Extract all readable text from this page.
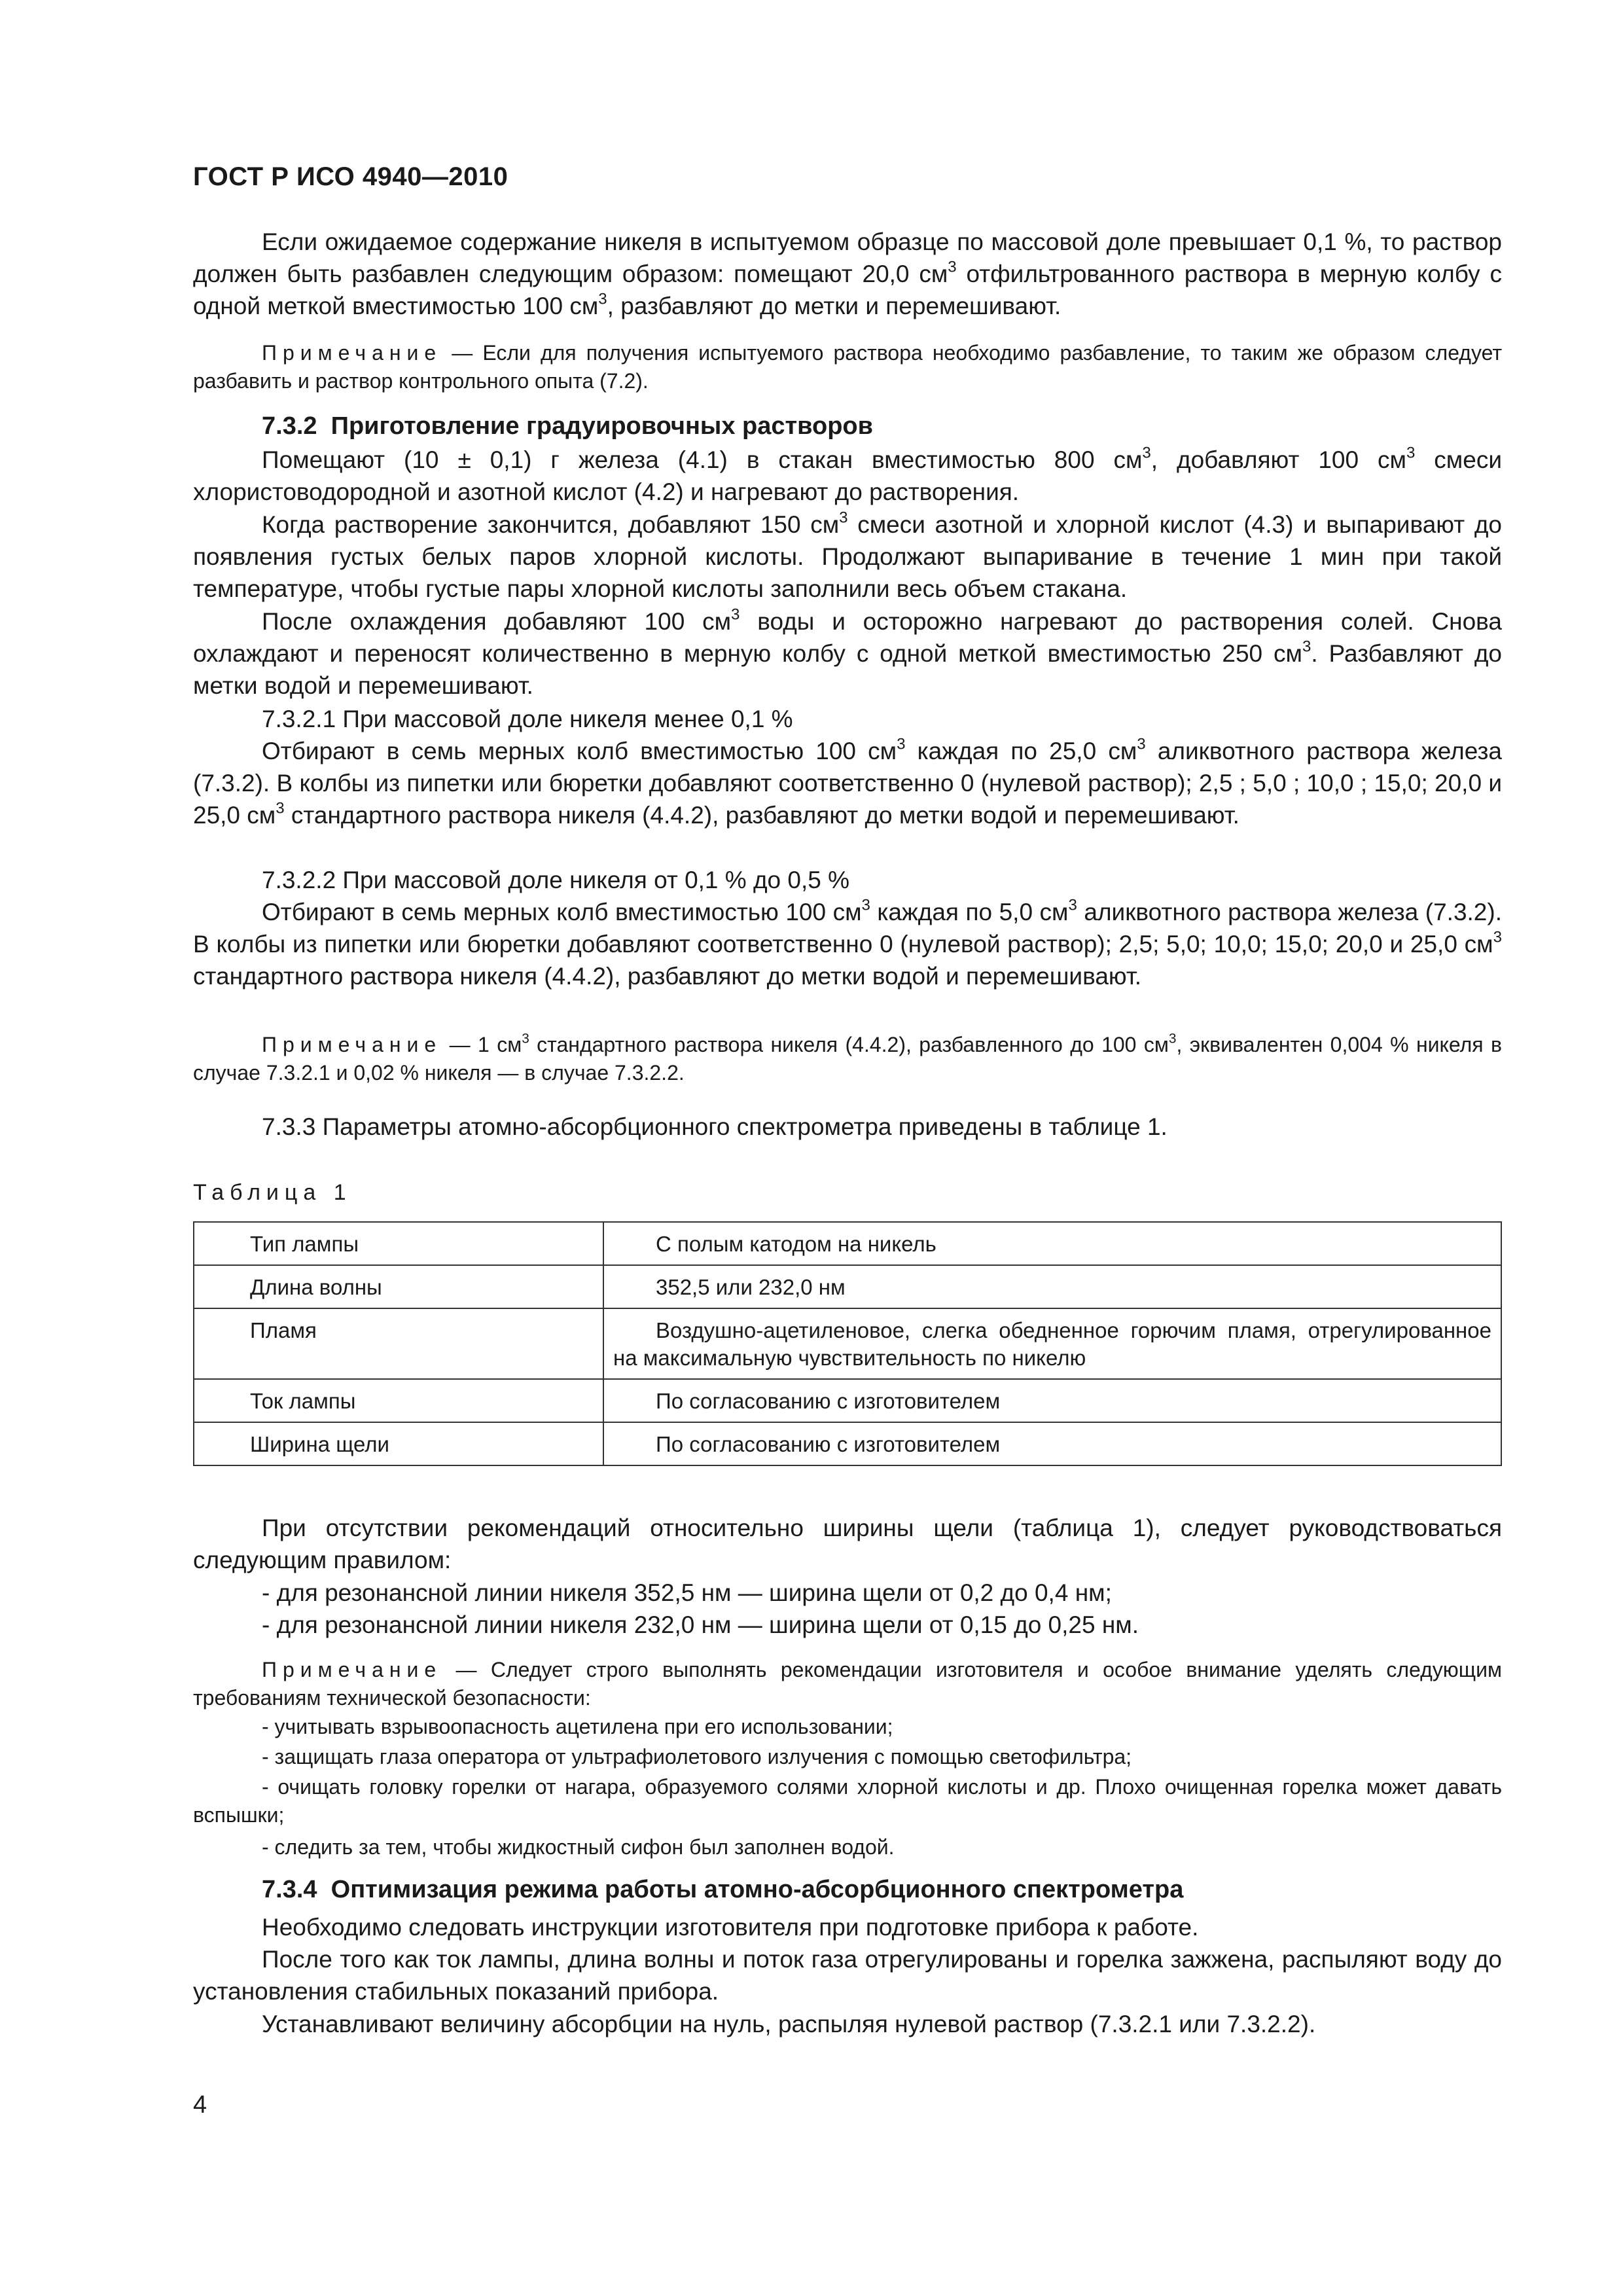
ГОСТ Р ИСО 4940—2010
Если ожидаемое содержание никеля в испытуемом образце по массовой доле превышает 0,1 %, то раствор должен быть разбавлен следующим образом: помещают 20,0 $см^3$ отфильтрованного раствора в мерную колбу с одной меткой вместимостью 100 $см^3$, разбавляют до метки и перемешивают.
Примечание — Если для получения испытуемого раствора необходимо разбавление, то таким же образом следует разбавить и раствор контрольного опыта (7.2).
7.3.2 Приготовление градуировочных растворов
Помещают (10 ± 0,1) г железа (4.1) в стакан вместимостью 800 $см^3$, добавляют 100 $см^3$ смеси хлористоводородной и азотной кислот (4.2) и нагревают до растворения.
Когда растворение закончится, добавляют 150 $см^3$ смеси азотной и хлорной кислот (4.3) и выпаривают до появления густых белых паров хлорной кислоты. Продолжают выпаривание в течение 1 мин при такой температуре, чтобы густые пары хлорной кислоты заполнили весь объем стакана.
После охлаждения добавляют 100 $см^3$ воды и осторожно нагревают до растворения солей. Снова охлаждают и переносят количественно в мерную колбу с одной меткой вместимостью 250 $см^3$. Разбавляют до метки водой и перемешивают.
7.3.2.1 При массовой доле никеля менее 0,1 %
Отбирают в семь мерных колб вместимостью 100 $см^3$ каждая по 25,0 $см^3$ аликвотного раствора железа (7.3.2). В колбы из пипетки или бюретки добавляют соответственно 0 (нулевой раствор); 2,5 ; 5,0 ; 10,0 ; 15,0; 20,0 и 25,0 $см^3$ стандартного раствора никеля (4.4.2), разбавляют до метки водой и перемешивают.
7.3.2.2 При массовой доле никеля от 0,1 % до 0,5 %
Отбирают в семь мерных колб вместимостью 100 $см^3$ каждая по 5,0 $см^3$ аликвотного раствора железа (7.3.2). В колбы из пипетки или бюретки добавляют соответственно 0 (нулевой раствор); 2,5; 5,0; 10,0; 15,0; 20,0 и 25,0 $см^3$ стандартного раствора никеля (4.4.2), разбавляют до метки водой и перемешивают.
Примечание — 1 $см^3$ стандартного раствора никеля (4.4.2), разбавленного до 100 $см^3$, эквивалентен 0,004 % никеля в случае 7.3.2.1 и 0,02 % никеля — в случае 7.3.2.2.
7.3.3 Параметры атомно-абсорбционного спектрометра приведены в таблице 1.
Таблица 1
Тип лампы	С полым катодом на никель
Длина волны	352,5 или 232,0 нм
Пламя	Воздушно-ацетиленовое, слегка обедненное горючим пламя, отрегулированное на максимальную чувствительность по никелю
Ток лампы	По согласованию с изготовителем
Ширина щели	По согласованию с изготовителем
При отсутствии рекомендаций относительно ширины щели (таблица 1), следует руководствоваться следующим правилом:
- для резонансной линии никеля 352,5 нм — ширина щели от 0,2 до 0,4 нм;
- для резонансной линии никеля 232,0 нм — ширина щели от 0,15 до 0,25 нм.
Примечание — Следует строго выполнять рекомендации изготовителя и особое внимание уделять следующим требованиям технической безопасности:
- учитывать взрывоопасность ацетилена при его использовании;
- защищать глаза оператора от ультрафиолетового излучения с помощью светофильтра;
- очищать головку горелки от нагара, образуемого солями хлорной кислоты и др. Плохо очищенная горелка может давать вспышки;
- следить за тем, чтобы жидкостный сифон был заполнен водой.
7.3.4 Оптимизация режима работы атомно-абсорбционного спектрометра
Необходимо следовать инструкции изготовителя при подготовке прибора к работе.
После того как ток лампы, длина волны и поток газа отрегулированы и горелка зажжена, распыляют воду до установления стабильных показаний прибора.
Устанавливают величину абсорбции на нуль, распыляя нулевой раствор (7.3.2.1 или 7.3.2.2).
4
